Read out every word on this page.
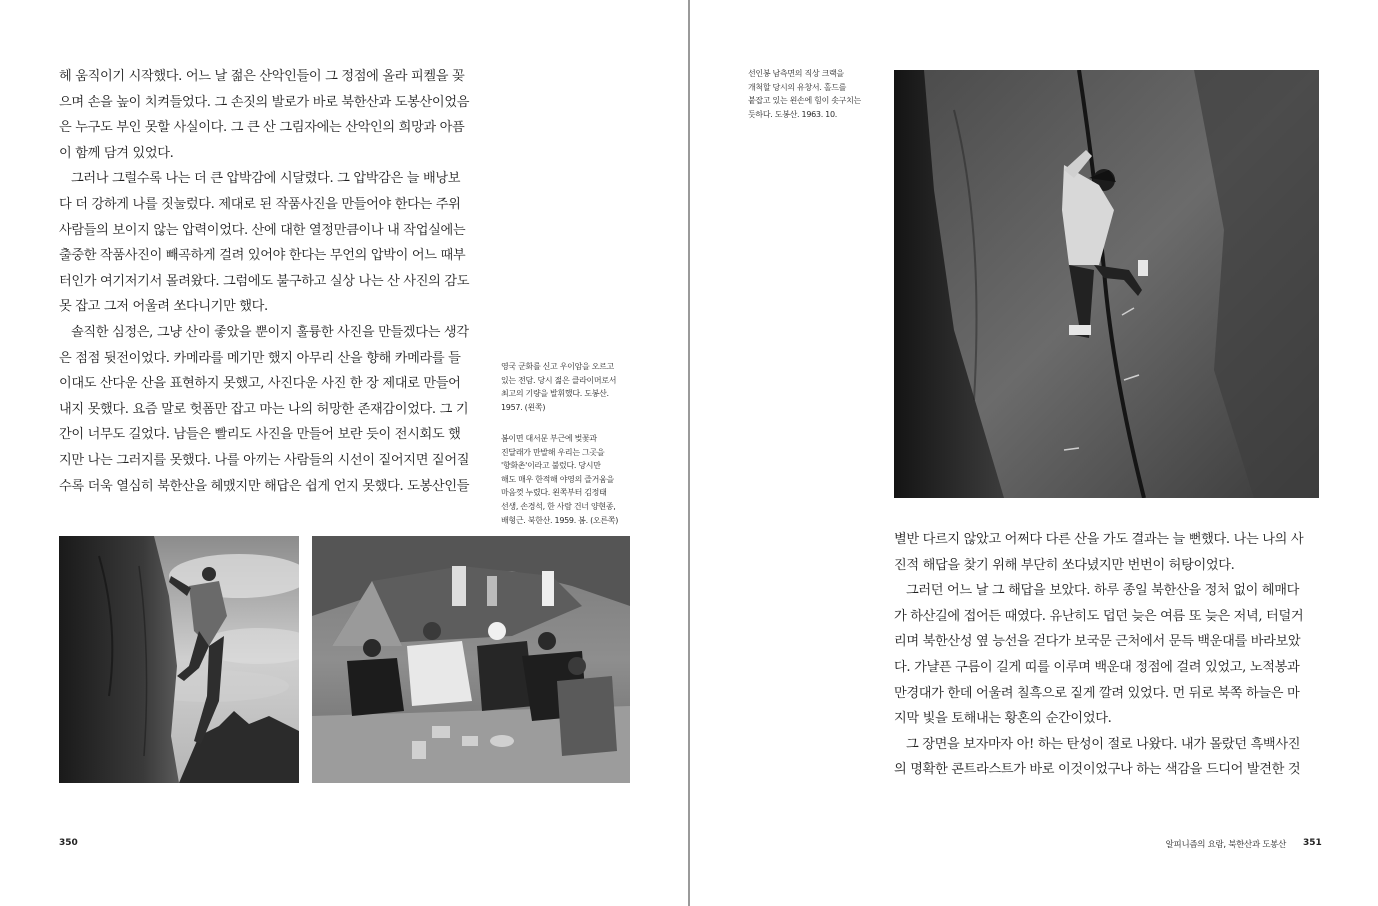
헤 움직이기 시작했다. 어느 날 젊은 산악인들이 그 정점에 올라 피켈을 꽂
으며 손을 높이 치켜들었다. 그 손짓의 발로가 바로 북한산과 도봉산이었음
은 누구도 부인 못할 사실이다. 그 큰 산 그림자에는 산악인의 희망과 아픔
이 함께 담겨 있었다.
그러나 그럴수록 나는 더 큰 압박감에 시달렸다. 그 압박감은 늘 배낭보
다 더 강하게 나를 짓눌렀다. 제대로 된 작품사진을 만들어야 한다는 주위
사람들의 보이지 않는 압력이었다. 산에 대한 열정만큼이나 내 작업실에는
출중한 작품사진이 빼곡하게 걸려 있어야 한다는 무언의 압박이 어느 때부
터인가 여기저기서 몰려왔다. 그럼에도 불구하고 실상 나는 산 사진의 감도
못 잡고 그저 어울려 쏘다니기만 했다.
솔직한 심정은, 그냥 산이 좋았을 뿐이지 훌륭한 사진을 만들겠다는 생각
은 점점 뒷전이었다. 카메라를 메기만 했지 아무리 산을 향해 카메라를 들
이대도 산다운 산을 표현하지 못했고, 사진다운 사진 한 장 제대로 만들어
내지 못했다. 요즘 말로 헛폼만 잡고 마는 나의 허망한 존재감이었다. 그 기
간이 너무도 길었다. 남들은 빨리도 사진을 만들어 보란 듯이 전시회도 했
지만 나는 그러지를 못했다. 나를 아끼는 사람들의 시선이 짙어지면 짙어질
수록 더욱 열심히 북한산을 헤맸지만 해답은 쉽게 언지 못했다. 도봉산인들
영국 군화를 신고 우이암을 오르고
있는 전담. 당시 젊은 클라이머로서
최고의 기량을 발휘했다. 도봉산.
1957. (왼쪽)
봄이면 대서문 부근에 벚꽃과
진달래가 만발해 우리는 그곳을
'향화촌'이라고 불렀다. 당시만
해도 매우 한적해 야영의 즐거움을
마음껏 누렸다. 왼쪽부터 김정태
선생, 손경석, 한 사람 건너 양현종,
배형근. 북한산. 1959. 봄. (오른쪽)
350
선인봉 남측면의 직상 크랙을
개척할 당시의 유창서. 홀드를
붙잡고 있는 왼손에 힘이 솟구치는
듯하다. 도봉산. 1963. 10.
별반 다르지 않았고 어쩌다 다른 산을 가도 결과는 늘 뻔했다. 나는 나의 사
진적 해답을 찾기 위해 부단히 쏘다녔지만 번번이 허탕이었다.
그러던 어느 날 그 해답을 보았다. 하루 종일 북한산을 정처 없이 헤매다
가 하산길에 접어든 때였다. 유난히도 덥던 늦은 여름 또 늦은 저녁, 터덜거
리며 북한산성 옆 능선을 걷다가 보국문 근처에서 문득 백운대를 바라보았
다. 가냘픈 구름이 길게 띠를 이루며 백운대 정점에 걸려 있었고, 노적봉과
만경대가 한데 어울려 칠흑으로 짙게 깔려 있었다. 먼 뒤로 북쪽 하늘은 마
지막 빛을 토해내는 황혼의 순간이었다.
그 장면을 보자마자 아! 하는 탄성이 절로 나왔다. 내가 몰랐던 흑백사진
의 명확한 콘트라스트가 바로 이것이었구나 하는 색감을 드디어 발견한 것
알피니즘의 요람, 북한산과 도봉산 351
